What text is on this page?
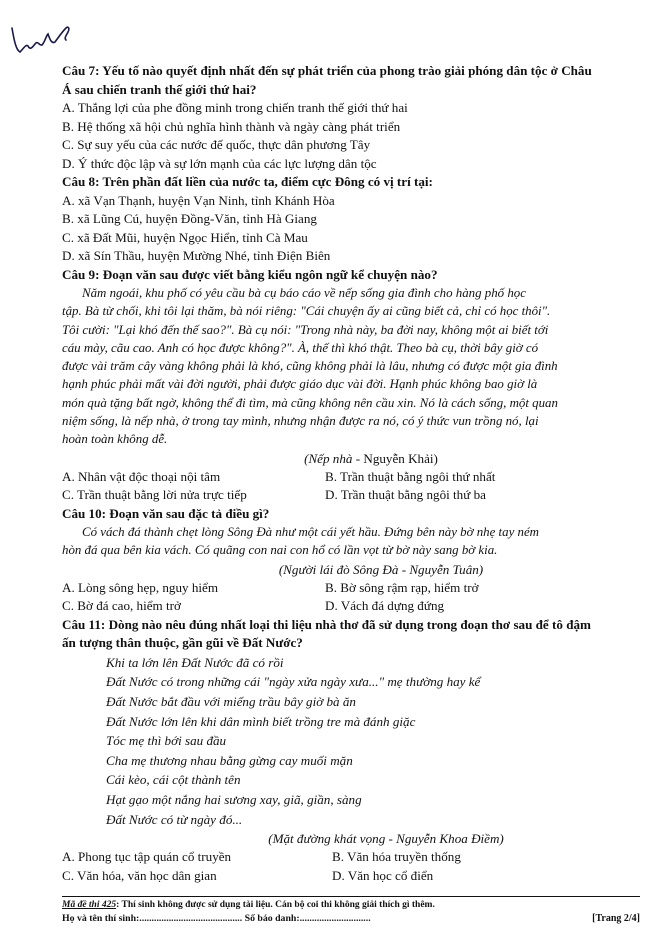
Câu 7: Yếu tố nào quyết định nhất đến sự phát triển của phong trào giải phóng dân tộc ở Châu
Á sau chiến tranh thế giới thứ hai?
A. Thắng lợi của phe đồng minh trong chiến tranh thế giới thứ hai
B. Hệ thống xã hội chủ nghĩa hình thành và ngày càng phát triển
C. Sự suy yếu của các nước đế quốc, thực dân phương Tây
D. Ý thức độc lập và sự lớn mạnh của các lực lượng dân tộc
Câu 8: Trên phần đất liền của nước ta, điểm cực Đông có vị trí tại:
A. xã Vạn Thạnh, huyện Vạn Ninh, tỉnh Khánh Hòa
B. xã Lũng Cú, huyện Đồng-Văn, tỉnh Hà Giang
C. xã Đất Mũi, huyện Ngọc Hiển, tỉnh Cà Mau
D. xã Sín Thầu, huyện Mường Nhé, tỉnh Điện Biên
Câu 9: Đoạn văn sau được viết bằng kiểu ngôn ngữ kể chuyện nào?
Năm ngoái, khu phố có yêu cầu bà cụ báo cáo về nếp sống gia đình cho hàng phố học
tập. Bà từ chối, khi tôi lại thăm, bà nói riêng: "Cái chuyện ấy ai cũng biết cả, chỉ có học thôi".
Tôi cười: "Lại khó đến thế sao?". Bà cụ nói: "Trong nhà này, ba đời nay, không một ai biết tới
cáu mày, cãu cao. Anh có học được không?". À, thế thì khó thật. Theo bà cụ, thời bây giờ có
được vài trăm cây vàng không phải là khó, cũng không phải là lâu, nhưng có được một gia đình
hạnh phúc phải mất vài đời người, phải được giáo dục vài đời. Hạnh phúc không bao giờ là
món quà tặng bất ngờ, không thể đi tìm, mà cũng không nên cầu xin. Nó là cách sống, một quan
niệm sống, là nếp nhà, ở trong tay mình, nhưng nhận được ra nó, có ý thức vun trồng nó, lại
hoàn toàn không dễ.
(Nếp nhà - Nguyễn Khải)
A. Nhân vật độc thoại nội tâm	B. Trần thuật bằng ngôi thứ nhất
C. Trần thuật bằng lời nửa trực tiếp	D. Trần thuật bằng ngôi thứ ba
Câu 10: Đoạn văn sau đặc tả điều gì?
Có vách đá thành chẹt lòng Sông Đà như một cái yết hầu. Đứng bên này bờ nhẹ tay ném
hòn đá qua bên kia vách. Có quãng con nai con hổ có lần vọt từ bờ này sang bờ kia.
(Người lái đò Sông Đà - Nguyễn Tuân)
A. Lòng sông hẹp, nguy hiểm	B. Bờ sông rậm rạp, hiểm trở
C. Bờ đá cao, hiểm trở	D. Vách đá dựng đứng
Câu 11: Dòng nào nêu đúng nhất loại thi liệu nhà thơ đã sử dụng trong đoạn thơ sau để tô đậm
ấn tượng thân thuộc, gần gũi về Đất Nước?
Khi ta lớn lên Đất Nước đã có rồi
Đất Nước có trong những cái "ngày xửa ngày xưa..." mẹ thường hay kể
Đất Nước bắt đầu với miếng trầu bây giờ bà ăn
Đất Nước lớn lên khi dân mình biết trồng tre mà đánh giặc
Tóc mẹ thì bới sau đầu
Cha mẹ thương nhau bằng gừng cay muối mặn
Cái kèo, cái cột thành tên
Hạt gạo một nắng hai sương xay, giã, giần, sàng
Đất Nước có từ ngày đó...
(Mặt đường khát vọng - Nguyễn Khoa Điềm)
A. Phong tục tập quán cổ truyền	B. Văn hóa truyền thống
C. Văn hóa, văn học dân gian	D. Văn học cổ điển
Mã đề thi 425: Thí sinh không được sử dụng tài liệu. Cán bộ coi thi không giải thích gì thêm.
Họ và tên thí sinh:.......................................... Số báo danh:.............................	[Trang 2/4]
